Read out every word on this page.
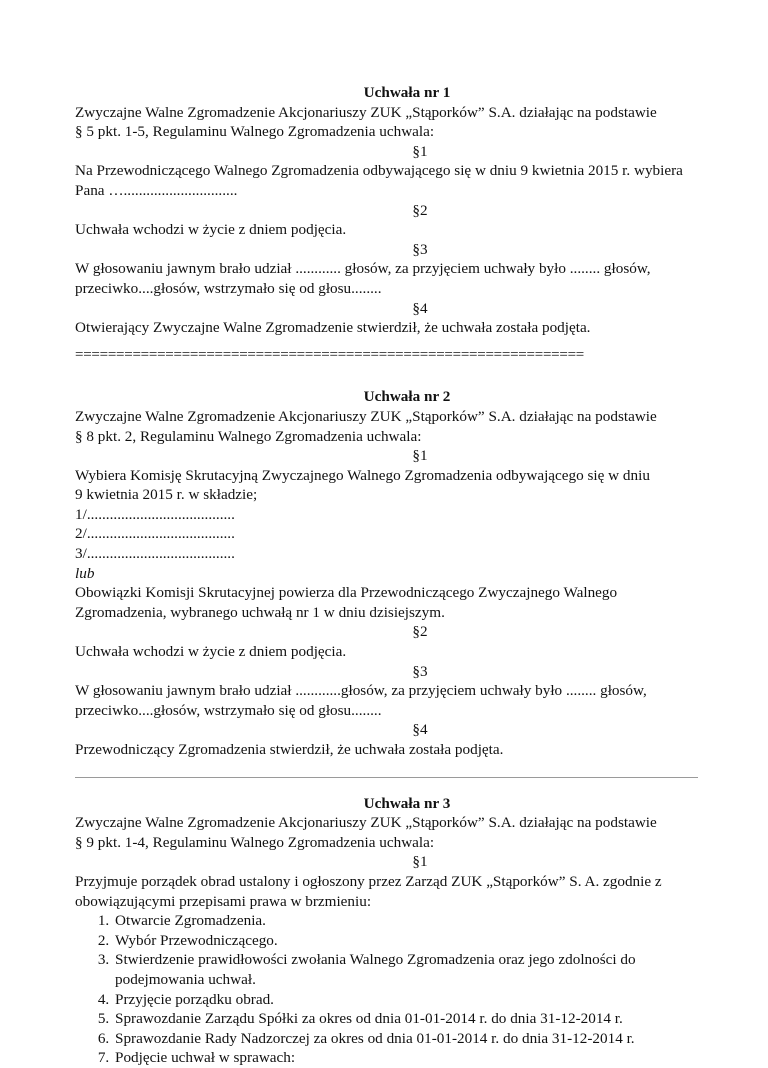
Uchwała nr 1
Zwyczajne Walne Zgromadzenie Akcjonariuszy ZUK „Stąporków” S.A. działając na podstawie
§ 5 pkt. 1-5, Regulaminu Walnego Zgromadzenia uchwala:
§1
Na Przewodniczącego Walnego Zgromadzenia odbywającego się w dniu 9 kwietnia 2015 r. wybiera
Pana …..............................
§2
Uchwała wchodzi w życie z dniem podjęcia.
§3
W głosowaniu jawnym brało udział ............ głosów, za przyjęciem uchwały było ........ głosów,
przeciwko....głosów, wstrzymało się od głosu........
§4
Otwierający Zwyczajne Walne Zgromadzenie stwierdził, że uchwała została podjęta.
==============================================================
Uchwała nr 2
Zwyczajne Walne Zgromadzenie Akcjonariuszy ZUK „Stąporków” S.A. działając na podstawie
§ 8 pkt. 2, Regulaminu Walnego Zgromadzenia uchwala:
§1
Wybiera Komisję Skrutacyjną Zwyczajnego Walnego Zgromadzenia odbywającego się w dniu
9 kwietnia 2015 r. w składzie;
1/.......................................
2/.......................................
3/.......................................
lub
Obowiązki Komisji Skrutacyjnej powierza dla Przewodniczącego Zwyczajnego Walnego
Zgromadzenia, wybranego uchwałą nr 1 w dniu dzisiejszym.
§2
Uchwała wchodzi w życie z dniem podjęcia.
§3
W głosowaniu jawnym brało udział ............głosów, za przyjęciem uchwały było ........ głosów,
przeciwko....głosów, wstrzymało się od głosu........
§4
Przewodniczący Zgromadzenia stwierdził, że uchwała została podjęta.
Uchwała nr 3
Zwyczajne Walne Zgromadzenie Akcjonariuszy ZUK „Stąporków” S.A. działając na podstawie
§ 9 pkt. 1-4, Regulaminu Walnego Zgromadzenia uchwala:
§1
Przyjmuje porządek obrad ustalony i ogłoszony przez Zarząd ZUK „Stąporków” S. A. zgodnie z
obowiązującymi przepisami prawa w brzmieniu:
1. Otwarcie Zgromadzenia.
2. Wybór Przewodniczącego.
3. Stwierdzenie prawidłowości zwołania Walnego Zgromadzenia oraz jego zdolności do podejmowania uchwał.
4. Przyjęcie porządku obrad.
5. Sprawozdanie Zarządu Spółki za okres od dnia 01-01-2014 r. do dnia 31-12-2014 r.
6. Sprawozdanie Rady Nadzorczej za okres od dnia 01-01-2014 r. do dnia 31-12-2014 r.
7. Podjęcie uchwał w sprawach:
